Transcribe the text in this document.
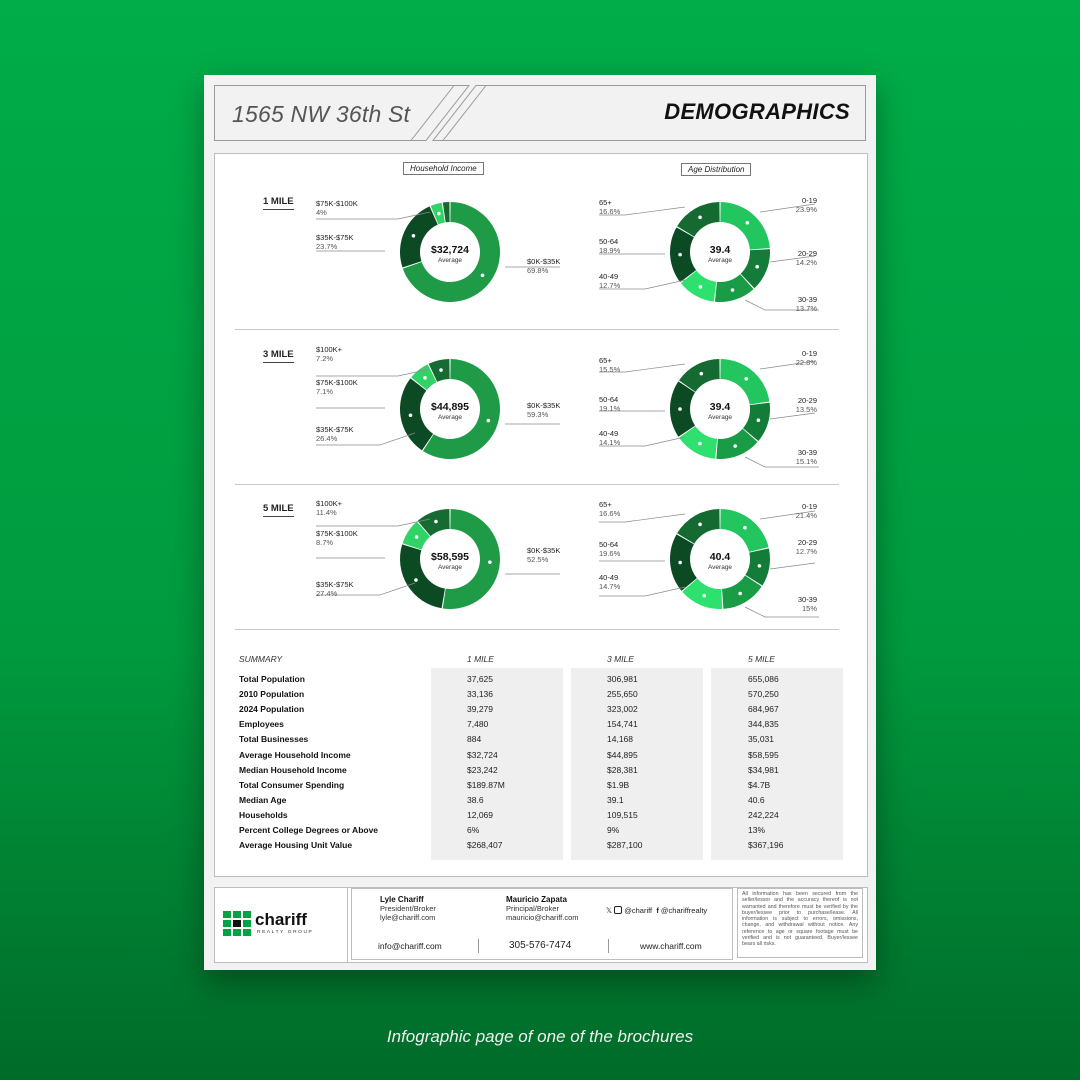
1565 NW 36th St	DEMOGRAPHICS
Household Income	Age Distribution
1 MILE
3 MILE
5 MILE
$32,724
Average
39.4
Average
$44,895
Average
39.4
Average
$58,595
Average
40.4
Average
$75K-$100K
4%
$35K-$75K
23.7%
$0K-$35K
69.8%
65+
16.6%
50-64
18.9%
40-49
12.7%
0-19
23.9%
20-29
14.2%
30-39
13.7%
$100K+
7.2%
$75K-$100K
7.1%
$35K-$75K
26.4%
$0K-$35K
59.3%
65+
15.5%
50-64
19.1%
40-49
14.1%
0-19
22.8%
20-29
13.5%
30-39
15.1%
$100K+
11.4%
$75K-$100K
8.7%
$35K-$75K
27.4%
$0K-$35K
52.5%
65+
16.6%
50-64
19.6%
40-49
14.7%
0-19
21.4%
20-29
12.7%
30-39
15%
SUMMARY	1 MILE	3 MILE	5 MILE
Total Population	37,625	306,981	655,086
2010 Population	33,136	255,650	570,250
2024 Population	39,279	323,002	684,967
Employees	7,480	154,741	344,835
Total Businesses	884	14,168	35,031
Average Household Income	$32,724	$44,895	$58,595
Median Household Income	$23,242	$28,381	$34,981
Total Consumer Spending	$189.87M	$1.9B	$4.7B
Median Age	38.6	39.1	40.6
Households	12,069	109,515	242,224
Percent College Degrees or Above	6%	9%	13%
Average Housing Unit Value	$268,407	$287,100	$367,196
chariff
REALTY GROUP
Lyle Chariff
President/Broker
lyle@chariff.com
Mauricio Zapata
Principal/Broker
mauricio@chariff.com
𝕏 @chariff f @chariffrealty
info@chariff.com	305-576-7474	www.chariff.com
All information has been secured from the seller/lessor and the accuracy thereof is not warranted and therefore must be verified by the buyer/lessee prior to purchase/lease. All information is subject to errors, omissions, change, and withdrawal without notice. Any reference to age or square footage must be verified and is not guaranteed. Buyer/lessee bears all risks.
Infographic page of one of the brochures
